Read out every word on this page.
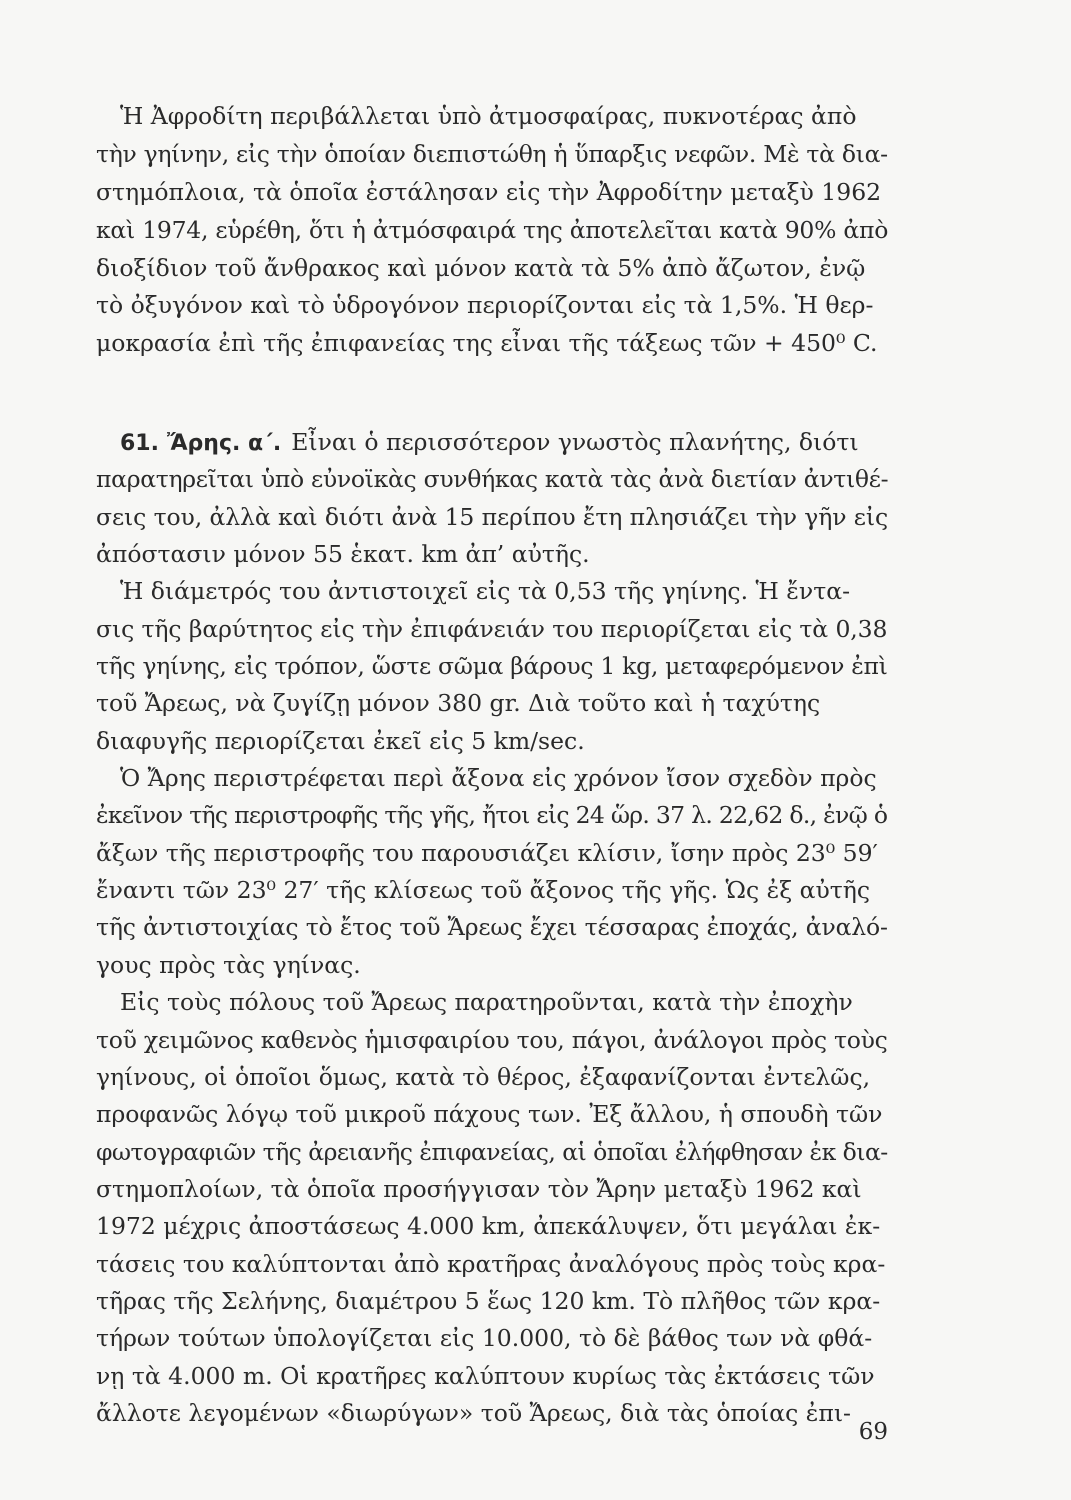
Ἡ Ἀφροδίτη περιβάλλεται ὑπὸ ἀτμοσφαίρας, πυκνοτέρας ἀπὸ
τὴν γηίνην, εἰς τὴν ὁποίαν διεπιστώθη ἡ ὕπαρξις νεφῶν. Μὲ τὰ δια-
στημόπλοια, τὰ ὁποῖα ἐστάλησαν εἰς τὴν Ἀφροδίτην μεταξὺ 1962
καὶ 1974, εὑρέθη, ὅτι ἡ ἀτμόσφαιρά της ἀποτελεῖται κατὰ 90% ἀπὸ
διοξίδιον τοῦ ἄνθρακος καὶ μόνον κατὰ τὰ 5% ἀπὸ ἄζωτον, ἐνῷ
τὸ ὀξυγόνον καὶ τὸ ὑδρογόνον περιορίζονται εἰς τὰ 1,5%. Ἡ θερ-
μοκρασία ἐπὶ τῆς ἐπιφανείας της εἶναι τῆς τάξεως τῶν + 450⁰ C.
61. Ἄρης. α΄. Εἶναι ὁ περισσότερον γνωστὸς πλανήτης, διότι
παρατηρεῖται ὑπὸ εὐνοϊκὰς συνθήκας κατὰ τὰς ἀνὰ διετίαν ἀντιθέ-
σεις του, ἀλλὰ καὶ διότι ἀνὰ 15 περίπου ἔτη πλησιάζει τὴν γῆν εἰς
ἀπόστασιν μόνον 55 ἑκατ. km ἀπ’ αὐτῆς.
Ἡ διάμετρός του ἀντιστοιχεῖ εἰς τὰ 0,53 τῆς γηίνης. Ἡ ἔντα-
σις τῆς βαρύτητος εἰς τὴν ἐπιφάνειάν του περιορίζεται εἰς τὰ 0,38
τῆς γηίνης, εἰς τρόπον, ὥστε σῶμα βάρους 1 kg, μεταφερόμενον ἐπὶ
τοῦ Ἄρεως, νὰ ζυγίζῃ μόνον 380 gr. Διὰ τοῦτο καὶ ἡ ταχύτης
διαφυγῆς περιορίζεται ἐκεῖ εἰς 5 km/sec.
Ὁ Ἄρης περιστρέφεται περὶ ἄξονα εἰς χρόνον ἴσον σχεδὸν πρὸς
ἐκεῖνον τῆς περιστροφῆς τῆς γῆς, ἤτοι εἰς 24 ὥρ. 37 λ. 22,62 δ., ἐνῷ ὁ
ἄξων τῆς περιστροφῆς του παρουσιάζει κλίσιν, ἴσην πρὸς 23⁰ 59′
ἔναντι τῶν 23⁰ 27′ τῆς κλίσεως τοῦ ἄξονος τῆς γῆς. Ὡς ἐξ αὐτῆς
τῆς ἀντιστοιχίας τὸ ἔτος τοῦ Ἄρεως ἔχει τέσσαρας ἐποχάς, ἀναλό-
γους πρὸς τὰς γηίνας.
Εἰς τοὺς πόλους τοῦ Ἄρεως παρατηροῦνται, κατὰ τὴν ἐποχὴν
τοῦ χειμῶνος καθενὸς ἡμισφαιρίου του, πάγοι, ἀνάλογοι πρὸς τοὺς
γηίνους, οἱ ὁποῖοι ὅμως, κατὰ τὸ θέρος, ἐξαφανίζονται ἐντελῶς,
προφανῶς λόγῳ τοῦ μικροῦ πάχους των. Ἐξ ἄλλου, ἡ σπουδὴ τῶν
φωτογραφιῶν τῆς ἀρειανῆς ἐπιφανείας, αἱ ὁποῖαι ἐλήφθησαν ἐκ δια-
στημοπλοίων, τὰ ὁποῖα προσήγγισαν τὸν Ἄρην μεταξὺ 1962 καὶ
1972 μέχρις ἀποστάσεως 4.000 km, ἀπεκάλυψεν, ὅτι μεγάλαι ἐκ-
τάσεις του καλύπτονται ἀπὸ κρατῆρας ἀναλόγους πρὸς τοὺς κρα-
τῆρας τῆς Σελήνης, διαμέτρου 5 ἕως 120 km. Τὸ πλῆθος τῶν κρα-
τήρων τούτων ὑπολογίζεται εἰς 10.000, τὸ δὲ βάθος των νὰ φθά-
νῃ τὰ 4.000 m. Οἱ κρατῆρες καλύπτουν κυρίως τὰς ἐκτάσεις τῶν
ἄλλοτε λεγομένων «διωρύγων» τοῦ Ἄρεως, διὰ τὰς ὁποίας ἐπι-
69
